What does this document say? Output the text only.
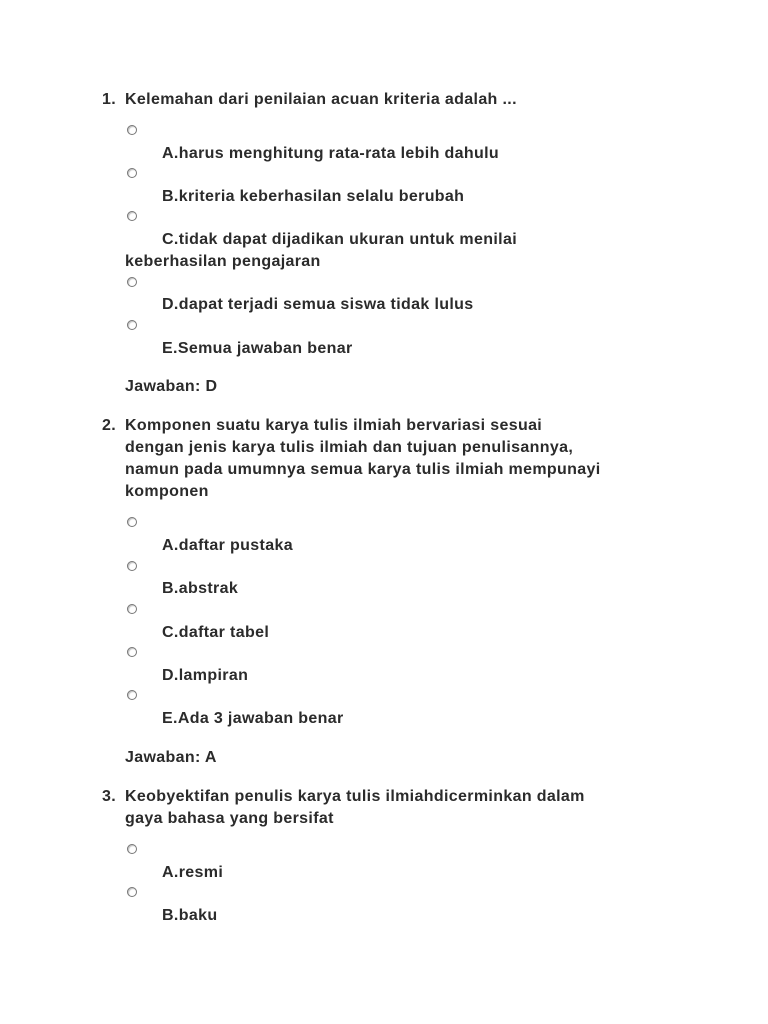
1. Kelemahan dari penilaian acuan kriteria adalah ...
A.harus menghitung rata-rata lebih dahulu
B.kriteria keberhasilan selalu berubah
C.tidak dapat dijadikan ukuran untuk menilai
keberhasilan pengajaran
D.dapat terjadi semua siswa tidak lulus
E.Semua jawaban benar
Jawaban: D
2. Komponen suatu karya tulis ilmiah bervariasi sesuai
dengan jenis karya tulis ilmiah dan tujuan penulisannya,
namun pada umumnya semua karya tulis ilmiah mempunayi
komponen
A.daftar pustaka
B.abstrak
C.daftar tabel
D.lampiran
E.Ada 3 jawaban benar
Jawaban: A
3. Keobyektifan penulis karya tulis ilmiahdicerminkan dalam
gaya bahasa yang bersifat
A.resmi
B.baku
